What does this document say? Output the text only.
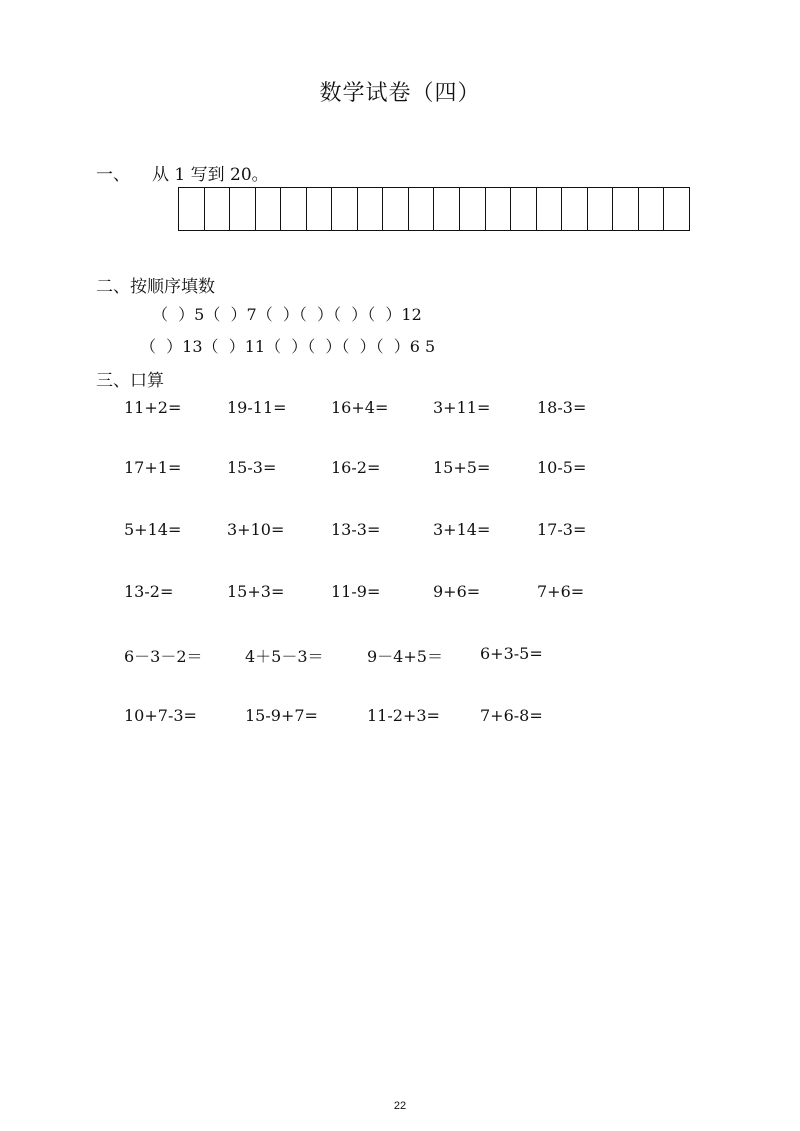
数学试卷（四）
一、 从 1 写到 20。
二、按顺序填数
（  ）5（  ）7（  ）（  ）（  ）（  ）12
（  ）13（  ）11（  ）（  ）（  ）（  ）6 5
三、口算
11+2=	19-11=	16+4=	3+11=	18-3=
17+1=	15-3=	16-2=	15+5=	10-5=
5+14=	3+10=	13-3=	3+14=	17-3=
13-2=	15+3=	11-9=	9+6=	7+6=
6－3－2＝	4＋5－3＝	9－4+5＝ 6+3-5=
10+7-3=	15-9+7=	11-2+3=	7+6-8=
22
